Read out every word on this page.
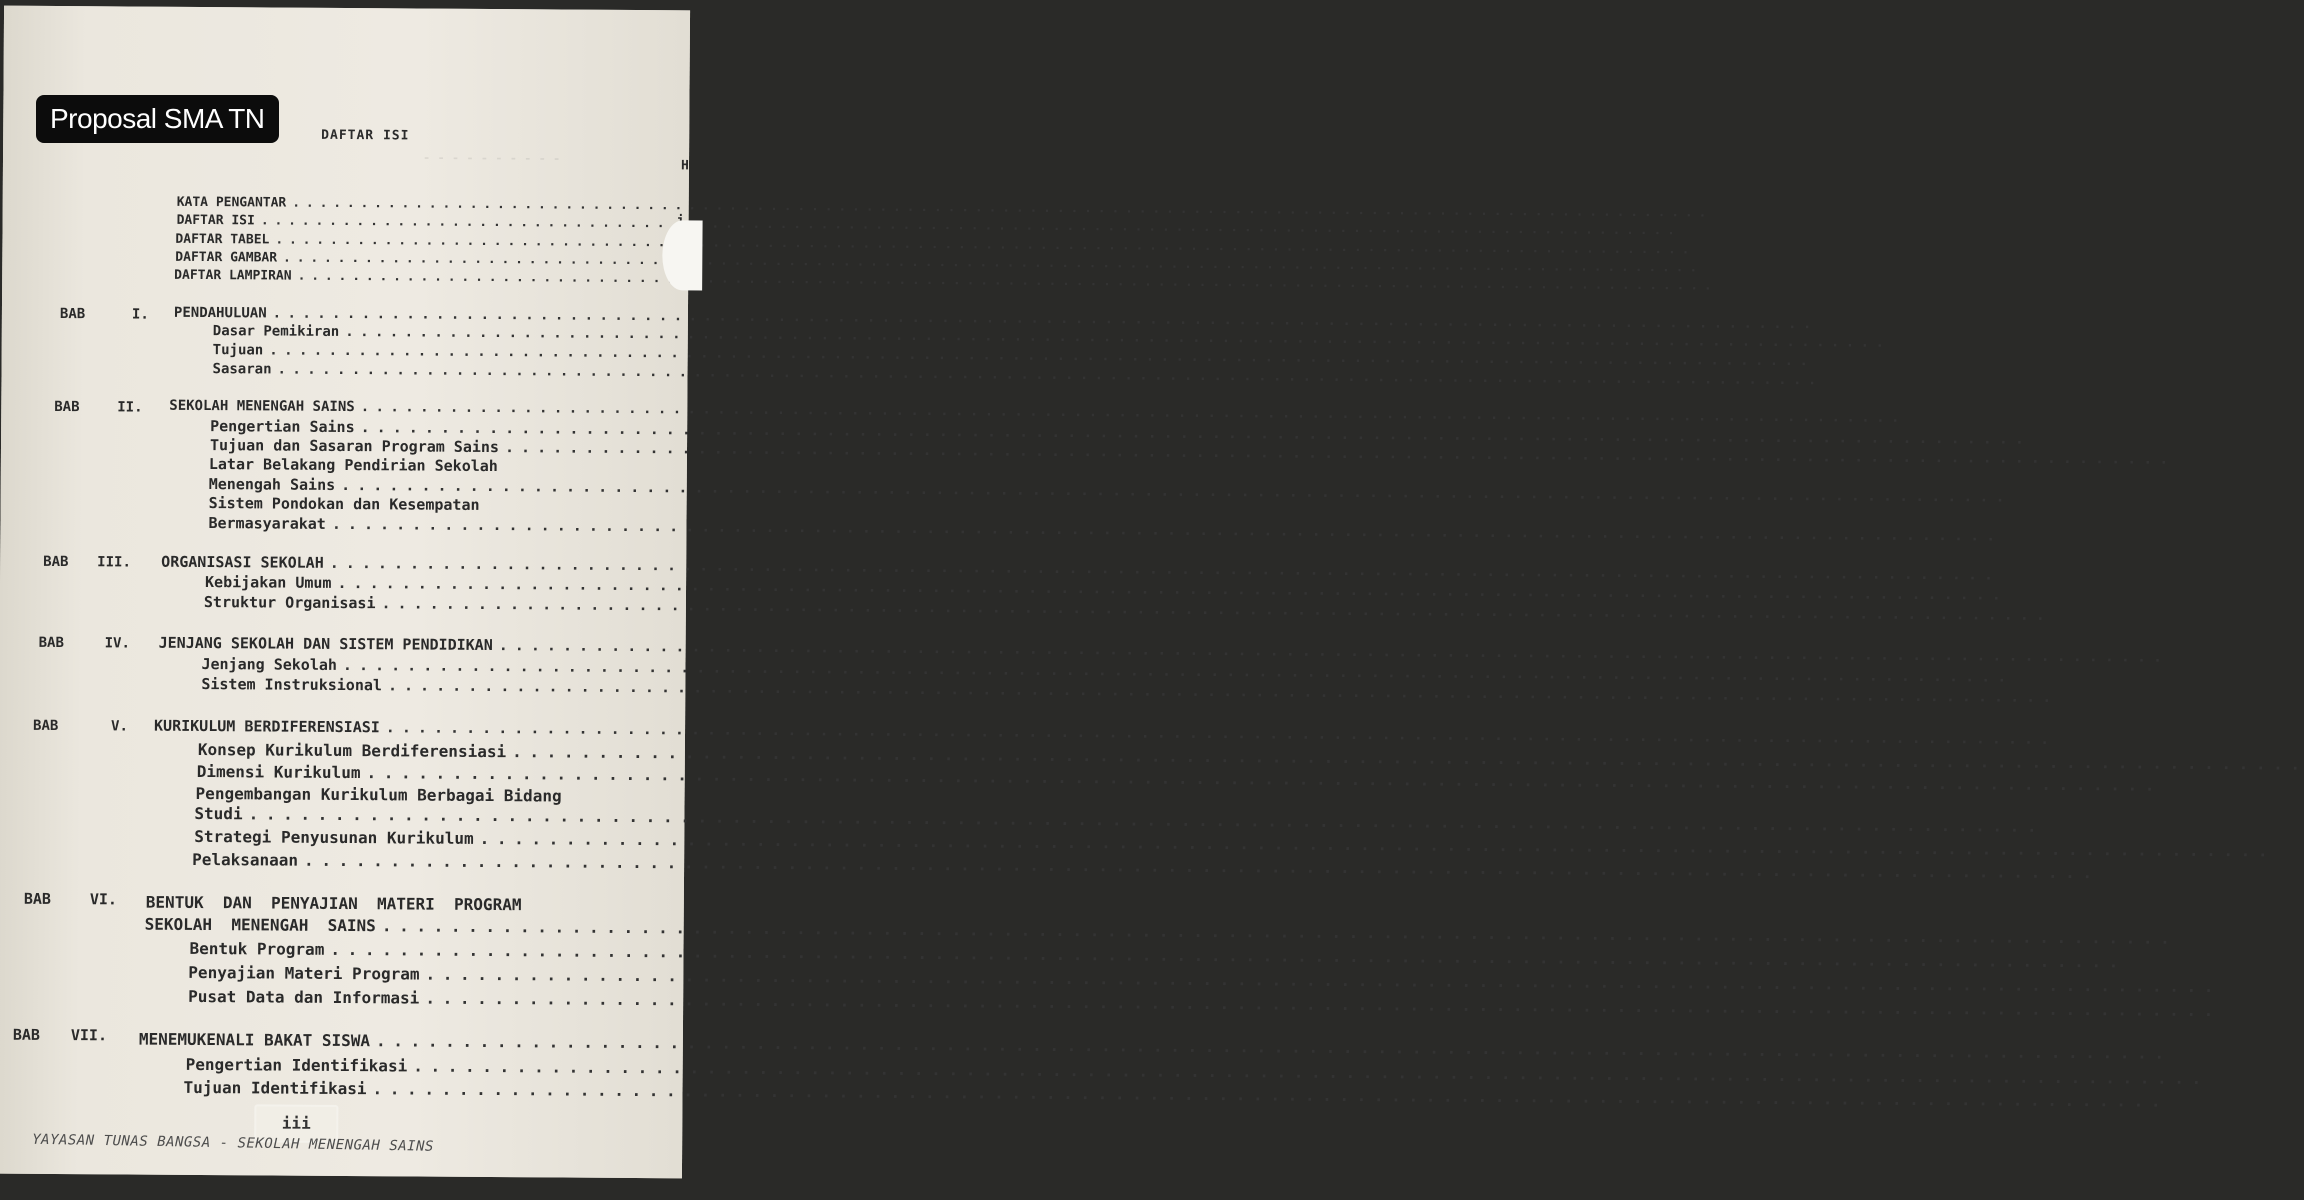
- - - - - - - - - -
DAFTAR ISI
H
KATA PENGANTAR
. . .
DAFTAR ISI
. . .
DAFTAR TABEL
. . .
DAFTAR GAMBAR
. . .
DAFTAR LAMPIRAN
. . .
BAB	I. PENDAHULUAN
. . .
Dasar Pemikiran
. . .
Tujuan
. . .
Sasaran
. . .
BAB	II. SEKOLAH MENENGAH SAINS
. . .
Pengertian Sains
. . .
Tujuan dan Sasaran Program Sains
. . .
Latar Belakang Pendirian Sekolah
Menengah Sains
. . .
Sistem Pondokan dan Kesempatan
Bermasyarakat
. . .
BAB III. ORGANISASI SEKOLAH
. . .
Kebijakan Umum
. . .
Struktur Organisasi
. . .
BAB	IV. JENJANG SEKOLAH DAN SISTEM PENDIDIKAN
. . .
Jenjang Sekolah
. . .
Sistem Instruksional
. . .
BAB	V. KURIKULUM BERDIFERENSIASI
. . .
Konsep Kurikulum Berdiferensiasi
. . .
Dimensi Kurikulum
. . .
Pengembangan Kurikulum Berbagai Bidang
Studi
. . .
Strategi Penyusunan Kurikulum
. . .
Pelaksanaan
. . .
BAB	VI. BENTUK  DAN  PENYAJIAN  MATERI  PROGRAM
SEKOLAH  MENENGAH  SAINS
. . .
Bentuk Program
. . .
Penyajian Materi Program
. . .
Pusat Data dan Informasi
. . .
BAB VII. MENEMUKENALI BAKAT SISWA
. . .
Pengertian Identifikasi
. . .
Tujuan Identifikasi
. . .
iii
YAYASAN TUNAS BANGSA - SEKOLAH MENENGAH SAINS
Proposal SMA TN
